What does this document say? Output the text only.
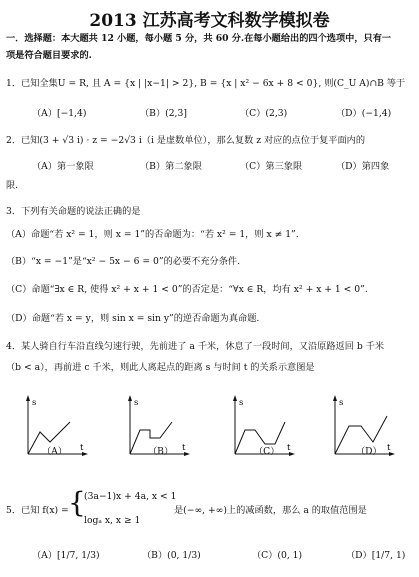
2013 江苏高考文科数学模拟卷
一．选择题：本大题共 12 小题，每小题 5 分，共 60 分.在每小题给出的四个选项中，只有一
项是符合题目要求的.
1．已知全集U = R, 且 A = {x | |x−1| > 2}, B = {x | x² − 6x + 8 < 0}, 则(C_U A)∩B 等于
（A）[−1,4)	（B）(2,3]	（C）(2,3)	（D）(−1,4)
2．已知(3 + √3 i) · z = −2√3 i（i 是虚数单位），那么复数 z 对应的点位于复平面内的
（A）第一象限	（B）第二象限	（C）第三象限	（D）第四象
限.
3．下列有关命题的说法正确的是
（A）命题“若 x² = 1，则 x = 1”的否命题为：“若 x² = 1，则 x ≠ 1”.
（B）“x = −1”是“x² − 5x − 6 = 0”的必要不充分条件.
（C）命题“∃x ∈ R, 使得 x² + x + 1 < 0”的否定是：“∀x ∈ R，均有 x² + x + 1 < 0”.
（D）命题“若 x = y，则 sin x = sin y”的逆否命题为真命题.
4．某人骑自行车沿直线匀速行驶，先前进了 a 千米，休息了一段时间，又沿原路返回 b 千米
（b < a），再前进 c 千米，则此人离起点的距离 s 与时间 t 的关系示意图是
s
t
（A）
s
t
（B）
s
t
（C）
s
t
（D）
5．已知 f(x) = {
(3a−1)x + 4a, x < 1
logₐ x, x ≥ 1
是(−∞, +∞)上的减函数，那么 a 的取值范围是
（A）[1/7, 1/3)	（B）(0, 1/3)	（C）(0, 1)	（D）[1/7, 1)
